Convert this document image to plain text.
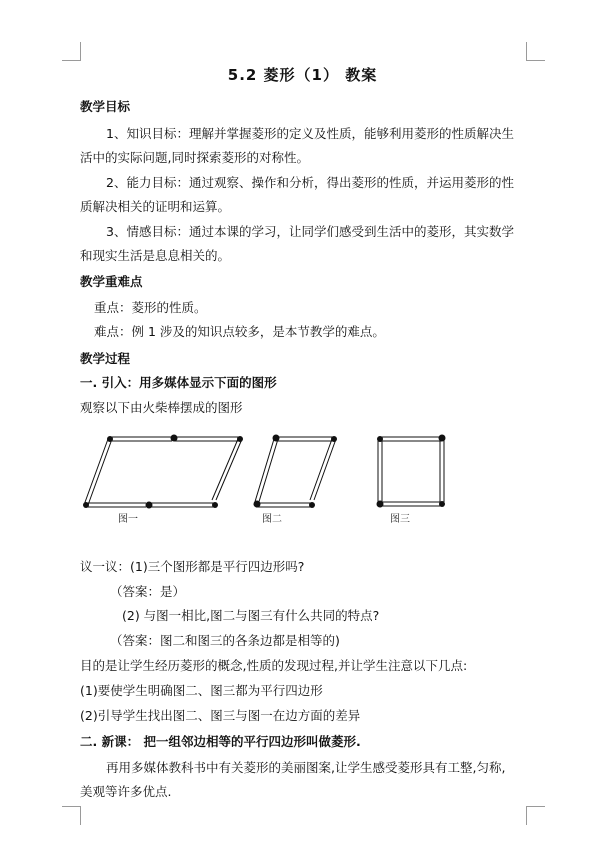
5.2 菱形（1） 教案
教学目标
1、知识目标：理解并掌握菱形的定义及性质，能够利用菱形的性质解决生
活中的实际问题,同时探索菱形的对称性。
2、能力目标：通过观察、操作和分析，得出菱形的性质，并运用菱形的性
质解决相关的证明和运算。
3、情感目标：通过本课的学习，让同学们感受到生活中的菱形，其实数学
和现实生活是息息相关的。
教学重难点
重点：菱形的性质。
难点：例 1 涉及的知识点较多，是本节教学的难点。
教学过程
一. 引入：用多媒体显示下面的图形
观察以下由火柴棒摆成的图形
图一	图二	图三
议一议：(1)三个图形都是平行四边形吗?
（答案：是）
(2) 与图一相比,图二与图三有什么共同的特点?
（答案：图二和图三的各条边都是相等的)
目的是让学生经历菱形的概念,性质的发现过程,并让学生注意以下几点:
(1)要使学生明确图二、图三都为平行四边形
(2)引导学生找出图二、图三与图一在边方面的差异
二. 新课： 把一组邻边相等的平行四边形叫做菱形.
再用多媒体教科书中有关菱形的美丽图案,让学生感受菱形具有工整,匀称,
美观等许多优点.
